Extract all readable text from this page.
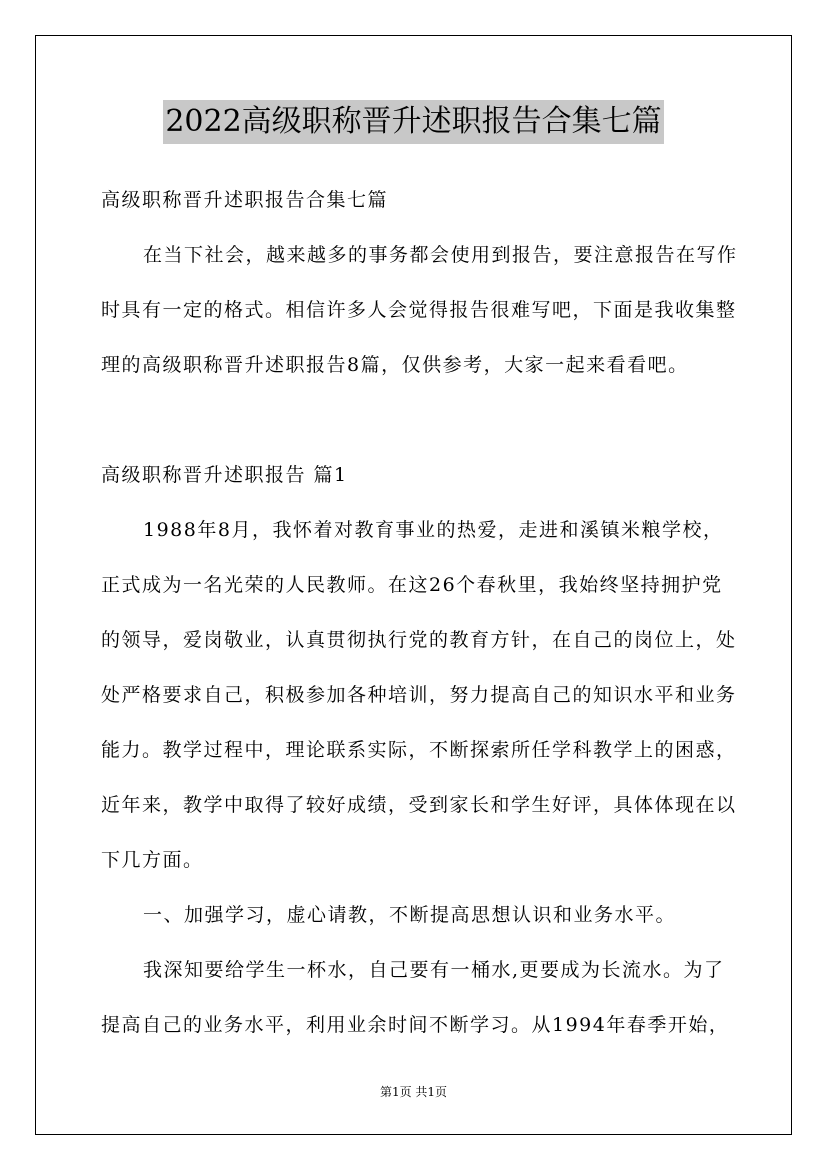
2022高级职称晋升述职报告合集七篇

高级职称晋升述职报告合集七篇

在当下社会，越来越多的事务都会使用到报告，要注意报告在写作时具有一定的格式。相信许多人会觉得报告很难写吧，下面是我收集整理的高级职称晋升述职报告8篇，仅供参考，大家一起来看看吧。

高级职称晋升述职报告 篇1

1988年8月，我怀着对教育事业的热爱，走进和溪镇米粮学校，正式成为一名光荣的人民教师。在这26个春秋里，我始终坚持拥护党的领导，爱岗敬业，认真贯彻执行党的教育方针，在自己的岗位上，处处严格要求自己，积极参加各种培训，努力提高自己的知识水平和业务能力。教学过程中，理论联系实际，不断探索所任学科教学上的困惑，近年来，教学中取得了较好成绩，受到家长和学生好评，具体体现在以下几方面。

一、加强学习，虚心请教，不断提高思想认识和业务水平。

我深知要给学生一杯水，自己要有一桶水,更要成为长流水。为了提高自己的业务水平，利用业余时间不断学习。从1994年春季开始，

第1页 共1页
